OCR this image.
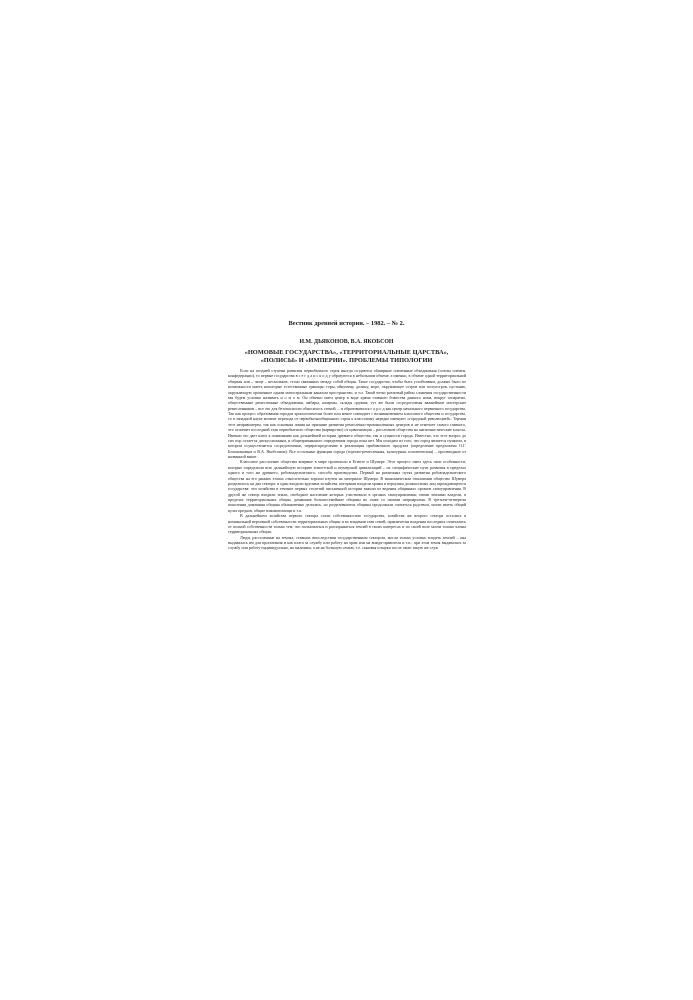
Вестник древней истории. – 1982. – № 2.
И.М. ДЬЯКОНОВ, В.А. ЯКОБСОН
«НОМОВЫЕ ГОСУДАРСТВА», «ТЕРРИТОРИАЛЬНЫЕ ЦАРСТВА»,
«ПОЛИСЫ» И «ИМПЕРИИ». ПРОБЛЕМЫ ТИПОЛОГИИ

Если на поздней ступени развития первобытного строя иногда создаются обширные племенные объединения (союзы племен, конфедерации), то первые государства в с е г д а и с к о д у образуются в небольшом объеме, а именно, в объеме одной территориальной общины или – чаще – нескольких, тесно связанных между собой общин. Такое государство, чтобы быть устойчивым, должно было по возможности иметь некоторые естественные границы: горы, ойкумену, долину, море, окружающее остров или полуостров, пустыню, окружающую орошенное одним магистральным каналом пространство, и т.п. Такой четко разлитый район сложения государственности мы будем условно называть н о м о м. Он обычно имел центр в виде храма главного божества данного нома, вокруг сепаратно, общественные ремесленные объединения, амбары, казармы, склады оружия; тут же были сосредоточены важнейшие мастерские ремесленников – все это для безопасности обносилось стеной, – и образовывался г о р о д как центр начального первичного государства. Так как процесс образования городов хронологически более или менее совпадает с возникновением классового общества и государства, то в западной науке момент перехода от первобытнообщинного строя к классовому нередко именуют «городской революцией». Термин этот неправомерен, так как основная линия на признаке развития ремесленно-промышленных центров и не отмечает самого главного, что отличает последний этап первобытного общества (варварство) от цивилизации – расслоение общества на антагонистические классы. Именно это дает ключ к пониманию как дальнейшей истории древнего общества, так и сущности города. Известно, что этот вопрос до сих пор остается дискуссионным, и общепризнанного определения города пока нет. Мы исходим из того, что город является пунктом, в котором осуществляется сосредоточение, перераспределение и реализация прибавочного продукта (определение предложено О.Г. Большаковым и В.А. Якобсоном). Все остальные функции города (торгово-ремесленная, культурная, политическая) – производные от названной выше.

Классовое расслоение общества впервые в мире произошло в Египте и Шумере. Этот процесс имел здесь свои особенности, которые определили всю дальнейшую историю египетской и шумерской цивилизаций – их специфические пути развития в пределах одного и того же древнего, рабовладельческого, способа производства. Первый на различных путях развития рабовладельческого общества на его ранних этапах относительно хорошо изучен на материале Шумера. В экономическом отношении общество Шумера разделилось на два сектора: в один входили крупные хозяйства, которыми владели храмы и верхушка должностных лиц зарождающегося государства: эти хозяйства в течение первых столетий письменной истории вышли из ведения общинных органов самоуправления. В другой же сектор входили земли, свободное население которых участвовало в органах самоуправления; этими землями владели, в пределах территориальных общин, домашние большесемейные общины во главе со своими патриархами. В третьем-четвертом поколении домашняя община обыкновенно делилась, но разделившиеся общины продолжали считаться родством, могли иметь общий культ предков, общие взаимопомощи и т.п.

В дальнейшем хозяйства первого сектора стали собственностью государства, хозяйства же второго сектора остались в номинальной верховной собственности территориальных общин и во владении глав семей, практически владения последних отличались от полной собственности только тем, что пользоваться и распоряжаться землей в своих интересах и по своей воле могли только члены территориальных общин.

Люди, расселенные на землях, ставших впоследствии государственным сектором, могли только условно владеть землей – она выдавалась им для пропитания и как плата за службу или работу на храм или на вождя-правителя и т.п.; при этом земля выдавалась за службу или работу индивидуально, на мальчика, а не на большую семью, т.е. сыновья и внуки после свою такую же служ
